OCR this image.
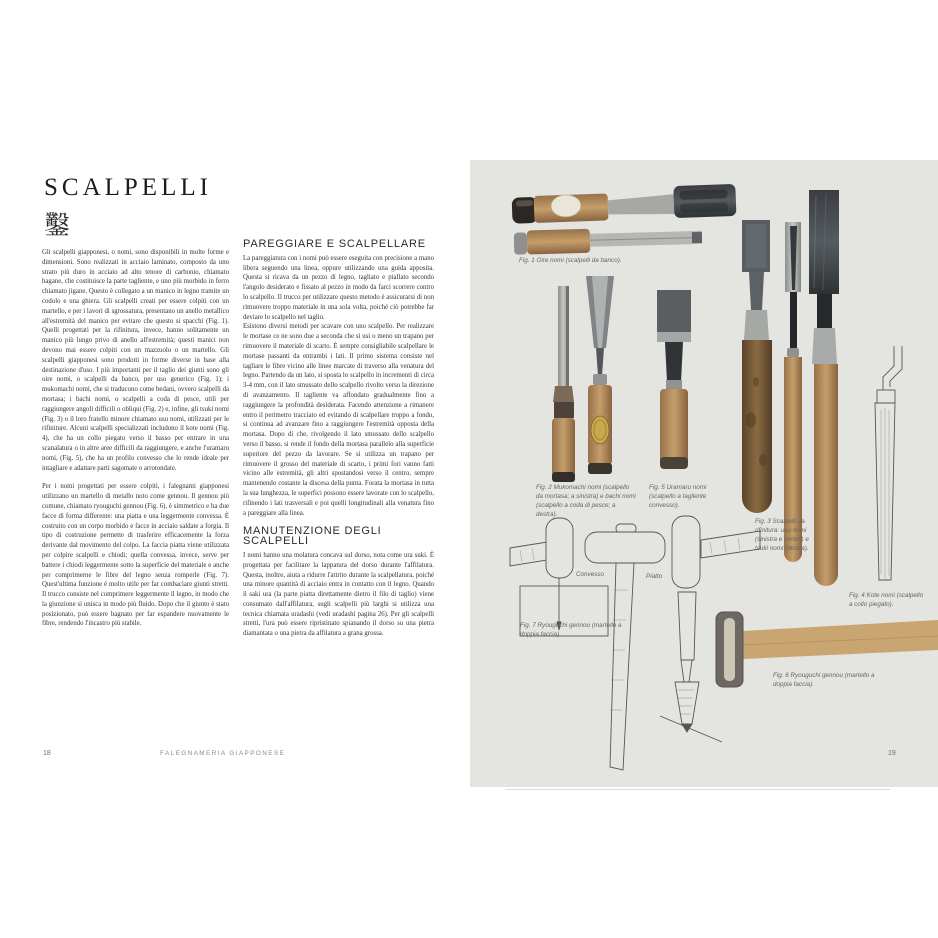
SCALPELLI
鑿

Gli scalpelli giapponesi, o nomi, sono disponibili in molte forme e dimensioni. Sono realizzati in acciaio laminato, composto da uno strato più duro in acciaio ad alto tenore di carbonio, chiamato hagane, che costituisce la parte tagliente, e uno più morbido in ferro chiamato jigane. Questo è collegato a un manico in legno tramite un codolo e una ghiera. Gli scalpelli creati per essere colpiti con un martello, e per i lavori di sgrossatura, presentano un anello metallico all'estremità del manico per evitare che questo si spacchi (Fig. 1). Quelli progettati per la rifinitura, invece, hanno solitamente un manico più lungo privo di anello all'estremità; questi manici non devono mai essere colpiti con un mazzuolo o un martello. Gli scalpelli giapponesi sono prodotti in forme diverse in base alla destinazione d'uso. I più importanti per il taglio dei giunti sono gli oire nomi, o scalpelli da banco, per uso generico (Fig. 1); i mukomachi nomi, che si traducono come bedani, ovvero scalpelli da mortasa; i bachi nomi, o scalpelli a coda di pesce, utili per raggiungere angoli difficili o obliqui (Fig. 2) e, infine, gli tsuki nomi (Fig. 3) o il loro fratello minore chiamato usu nomi, utilizzati per le rifiniture. Alcuni scalpelli specializzati includono il kote nomi (Fig. 4), che ha un collo piegato verso il basso per entrare in una scanalatura o in altre aree difficili da raggiungere, e anche l'uramaru nomi, (Fig. 5), che ha un profilo convesso che lo rende ideale per intagliare e adattare parti sagomate o arrotondate.

Per i nomi progettati per essere colpiti, i falegnami giapponesi utilizzano un martello di metallo noto come gennou. Il gennou più comune, chiamato ryouguchi gennou (Fig. 6), è simmetrico e ha due facce di forma differente: una piatta e una leggermente convessa. È costruito con un corpo morbido e facce in acciaio saldate a forgia. Il tipo di costruzione permette di trasferire efficacemente la forza derivante dal movimento del colpo. La faccia piatta viene utilizzata per colpire scalpelli e chiodi; quella convessa, invece, serve per battere i chiodi leggermente sotto la superficie del materiale e anche per comprimerne le fibre del legno senza romperle (Fig. 7). Quest'ultima funzione è molto utile per far combaciare giunti stretti. Il trucco consiste nel comprimere leggermente il legno, in modo che la giunzione si unisca in modo più fluido. Dopo che il giunto è stato posizionato, può essere bagnato per far espandere nuovamente le fibre, rendendo l'incastro più stabile.

PAREGGIARE E SCALPELLARE

La pareggiatura con i nomi può essere eseguita con precisione a mano libera seguendo una linea, oppure utilizzando una guida apposita. Questa si ricava da un pezzo di legno, tagliato e piallato secondo l'angolo desiderato e fissato al pezzo in modo da farci scorrere contro lo scalpello. Il trucco per utilizzare questo metodo è assicurarsi di non rimuovere troppo materiale in una sola volta, poiché ciò potrebbe far deviare lo scalpello nel taglio.

Esistono diversi metodi per scavare con uno scalpello. Per realizzare le mortase ce ne sono due a seconda che si usi o meno un trapano per rimuovere il materiale di scarto. È sempre consigliabile scalpellare le mortase passanti da entrambi i lati. Il primo sistema consiste nel tagliare le fibre vicino alle linee marcate di traverso alla venatura del legno. Partendo da un lato, si sposta lo scalpello in incrementi di circa 3-4 mm, con il lato smussato dello scalpello rivolto verso la direzione di avanzamento. Il tagliente va affondato gradualmente fino a raggiungere la profondità desiderata. Facendo attenzione a rimanere entro il perimetro tracciato ed evitando di scalpellare troppo a fondo, si continua ad avanzare fino a raggiungere l'estremità opposta della mortasa. Dopo di che, rivolgendo il lato smussato dello scalpello verso il basso, si rende il fondo della mortasa parallelo alla superficie superiore del pezzo da lavorare. Se si utilizza un trapano per rimuovere il grosso del materiale di scarto, i primi fori vanno fatti vicino alle estremità, gli altri spostandosi verso il centro, sempre mantenendo costante la discesa della punta. Forata la mortasa in tutta la sua lunghezza, le superfici possono essere lavorate con lo scalpello, rifinendo i lati trasversali e poi quelli longitudinali alla venatura fino a pareggiare alla linea.

MANUTENZIONE DEGLI SCALPELLI

I nomi hanno una molatura concava sul dorso, nota come ura suki. È progettata per facilitare la lappatura del dorso durante l'affilatura. Questa, inoltre, aiuta a ridurre l'attrito durante la scalpellatura, poiché una minore quantità di acciaio entra in contatto con il legno. Quando il saki ura (la parte piatta direttamente dietro il filo di taglio) viene consumato dall'affilatura, sugli scalpelli più larghi si utilizza una tecnica chiamata uradashi (vedi uradashi pagina 26). Per gli scalpelli stretti, l'ura può essere ripristinato spianando il dorso su una pietra diamantata o una pietra da affilatura a grana grossa.

18	FALEGNAMERIA GIAPPONESE
Fig. 1 Oire nomi (scalpelli da banco).
Fig. 2 Mukomachi nomi (scalpello da mortasa; a sinistra) e bachi nomi (scalpello a coda di pesce; a destra).
Fig. 5 Uramaru nomi (scalpello a tagliente convesso).
Fig. 3 Scalpelli da rifinitura: usu nomi (sinistra e centro) e tsuki nomi (destra).
Fig. 4 Kote nomi (scalpello a collo piegato).
Fig. 7 Ryouguchi gennou (martello a doppia faccia).
Fig. 6 Ryouguchi gennou (martello a doppia faccia).
Convesso	Piatto
19
